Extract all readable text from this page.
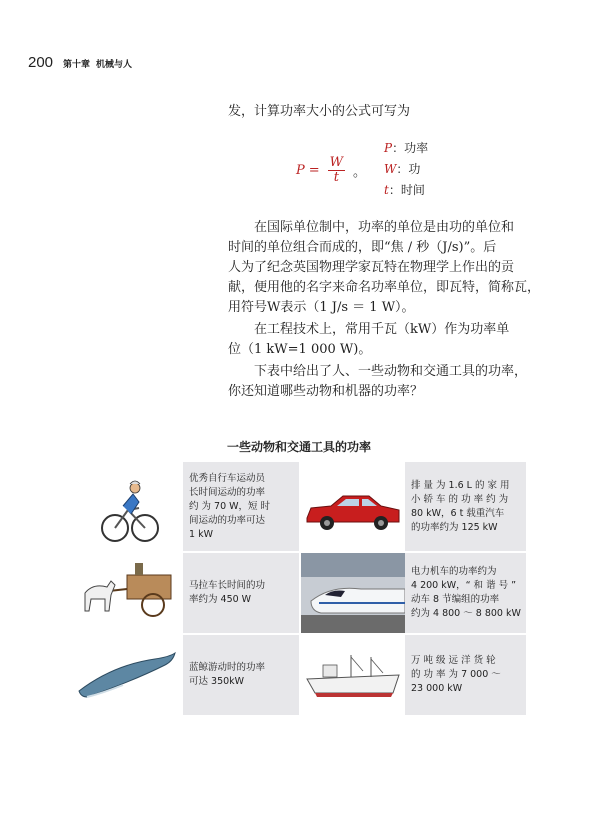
200 第十章 机械与人
发，计算功率大小的公式可写为
$P = \frac{W}{t}$ 。
P：功率
W：功
t：时间
在国际单位制中，功率的单位是由功的单位和
时间的单位组合而成的，即“焦 / 秒（J/s)”。后
人为了纪念英国物理学家瓦特在物理学上作出的贡
献，便用他的名字来命名功率单位，即瓦特，简称瓦，
用符号W表示（1 J/s ＝ 1 W）。
在工程技术上，常用千瓦（kW）作为功率单
位（1 kW=1 000 W)。
下表中给出了人、一些动物和交通工具的功率，
你还知道哪些动物和机器的功率？
一些动物和交通工具的功率
优秀自行车运动员
长时间运动的功率
约 为 70 W，短 时
间运动的功率可达
1 kW
排 量 为 1.6 L 的 家 用
小 轿 车 的 功 率 约 为
80 kW，6 t 载重汽车
的功率约为 125 kW
马拉车长时间的功
率约为 450 W
电力机车的功率约为
4 200 kW，“ 和 谐 号 ”
动车 8 节编组的功率
约为 4 800 ～ 8 800 kW
蓝鲸游动时的功率
可达 350kW
万 吨 级 远 洋 货 轮
的 功 率 为 7 000 ～
23 000 kW
